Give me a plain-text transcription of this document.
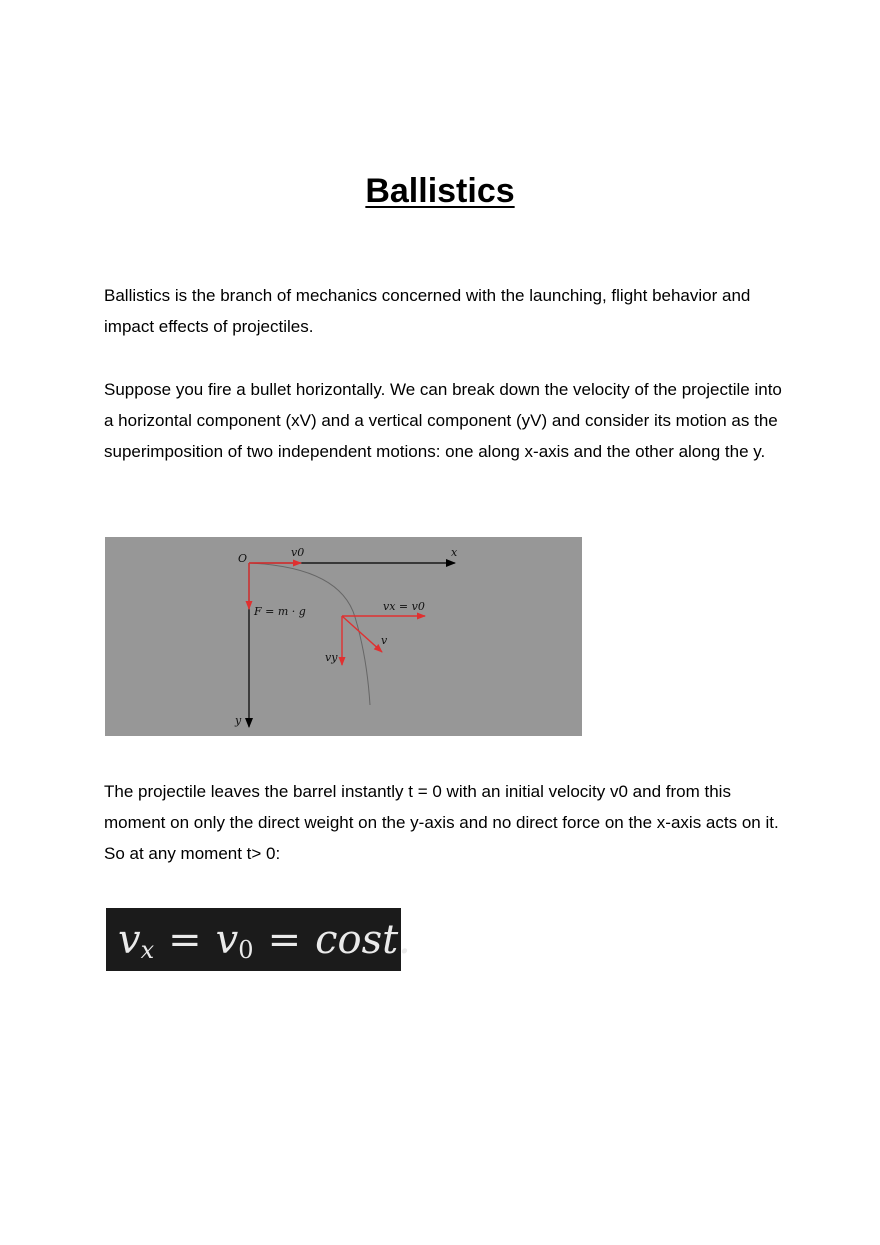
Ballistics

Ballistics is the branch of mechanics concerned with the launching, flight behavior and impact effects of projectiles.

Suppose you fire a bullet horizontally. We can break down the velocity of the projectile into a horizontal component (xV) and a vertical component (yV) and consider its motion as the superimposition of two independent motions: one along x-axis and the other along the y.

O	v0	x
y
F = m · g	vx = v0
v
vy

The projectile leaves the barrel instantly t = 0 with an initial velocity v0 and from this moment on only the direct weight on the y-axis and no direct force on the x-axis acts on it. So at any moment t> 0:

v x = v 0 = cost.
